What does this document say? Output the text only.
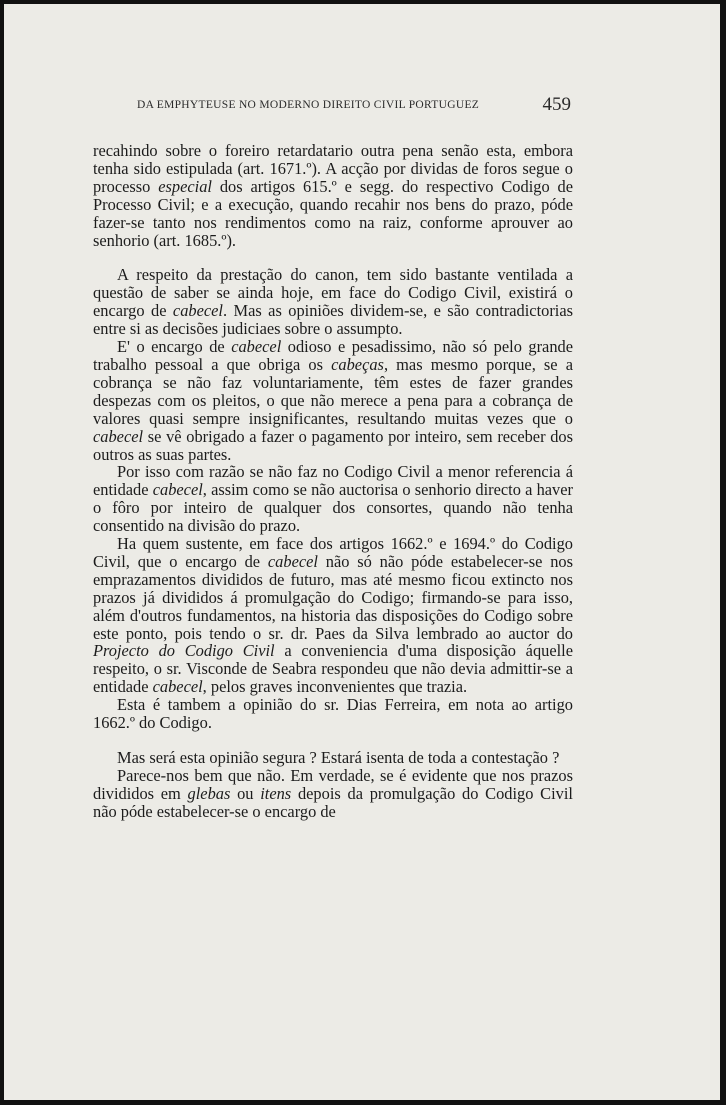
DA EMPHYTEUSE NO MODERNO DIREITO CIVIL PORTUGUEZ	459

recahindo sobre o foreiro retardatario outra pena senão esta, embora tenha sido estipulada (art. 1671.º). A acção por dividas de foros segue o processo especial dos artigos 615.º e segg. do respectivo Codigo de Processo Civil; e a execução, quando recahir nos bens do prazo, póde fazer-se tanto nos rendimentos como na raiz, conforme aprouver ao senhorio (art. 1685.º).

A respeito da prestação do canon, tem sido bastante ventilada a questão de saber se ainda hoje, em face do Codigo Civil, existirá o encargo de cabecel. Mas as opiniões dividem-se, e são contradictorias entre si as decisões judiciaes sobre o assumpto.

E' o encargo de cabecel odioso e pesadissimo, não só pelo grande trabalho pessoal a que obriga os cabeças, mas mesmo porque, se a cobrança se não faz voluntariamente, têm estes de fazer grandes despezas com os pleitos, o que não merece a pena para a cobrança de valores quasi sempre insignificantes, resultando muitas vezes que o cabecel se vê obrigado a fazer o pagamento por inteiro, sem receber dos outros as suas partes.

Por isso com razão se não faz no Codigo Civil a menor referencia á entidade cabecel, assim como se não auctorisa o senhorio directo a haver o fôro por inteiro de qualquer dos consortes, quando não tenha consentido na divisão do prazo.

Ha quem sustente, em face dos artigos 1662.º e 1694.º do Codigo Civil, que o encargo de cabecel não só não póde estabelecer-se nos emprazamentos divididos de futuro, mas até mesmo ficou extincto nos prazos já divididos á promulgação do Codigo; firmando-se para isso, além d'outros fundamentos, na historia das disposições do Codigo sobre este ponto, pois tendo o sr. dr. Paes da Silva lembrado ao auctor do Projecto do Codigo Civil a conveniencia d'uma disposição áquelle respeito, o sr. Visconde de Seabra respondeu que não devia admittir-se a entidade cabecel, pelos graves inconvenientes que trazia.

Esta é tambem a opinião do sr. Dias Ferreira, em nota ao artigo 1662.º do Codigo.

Mas será esta opinião segura ? Estará isenta de toda a contestação ?

Parece-nos bem que não. Em verdade, se é evidente que nos prazos divididos em glebas ou itens depois da promulgação do Codigo Civil não póde estabelecer-se o encargo de
